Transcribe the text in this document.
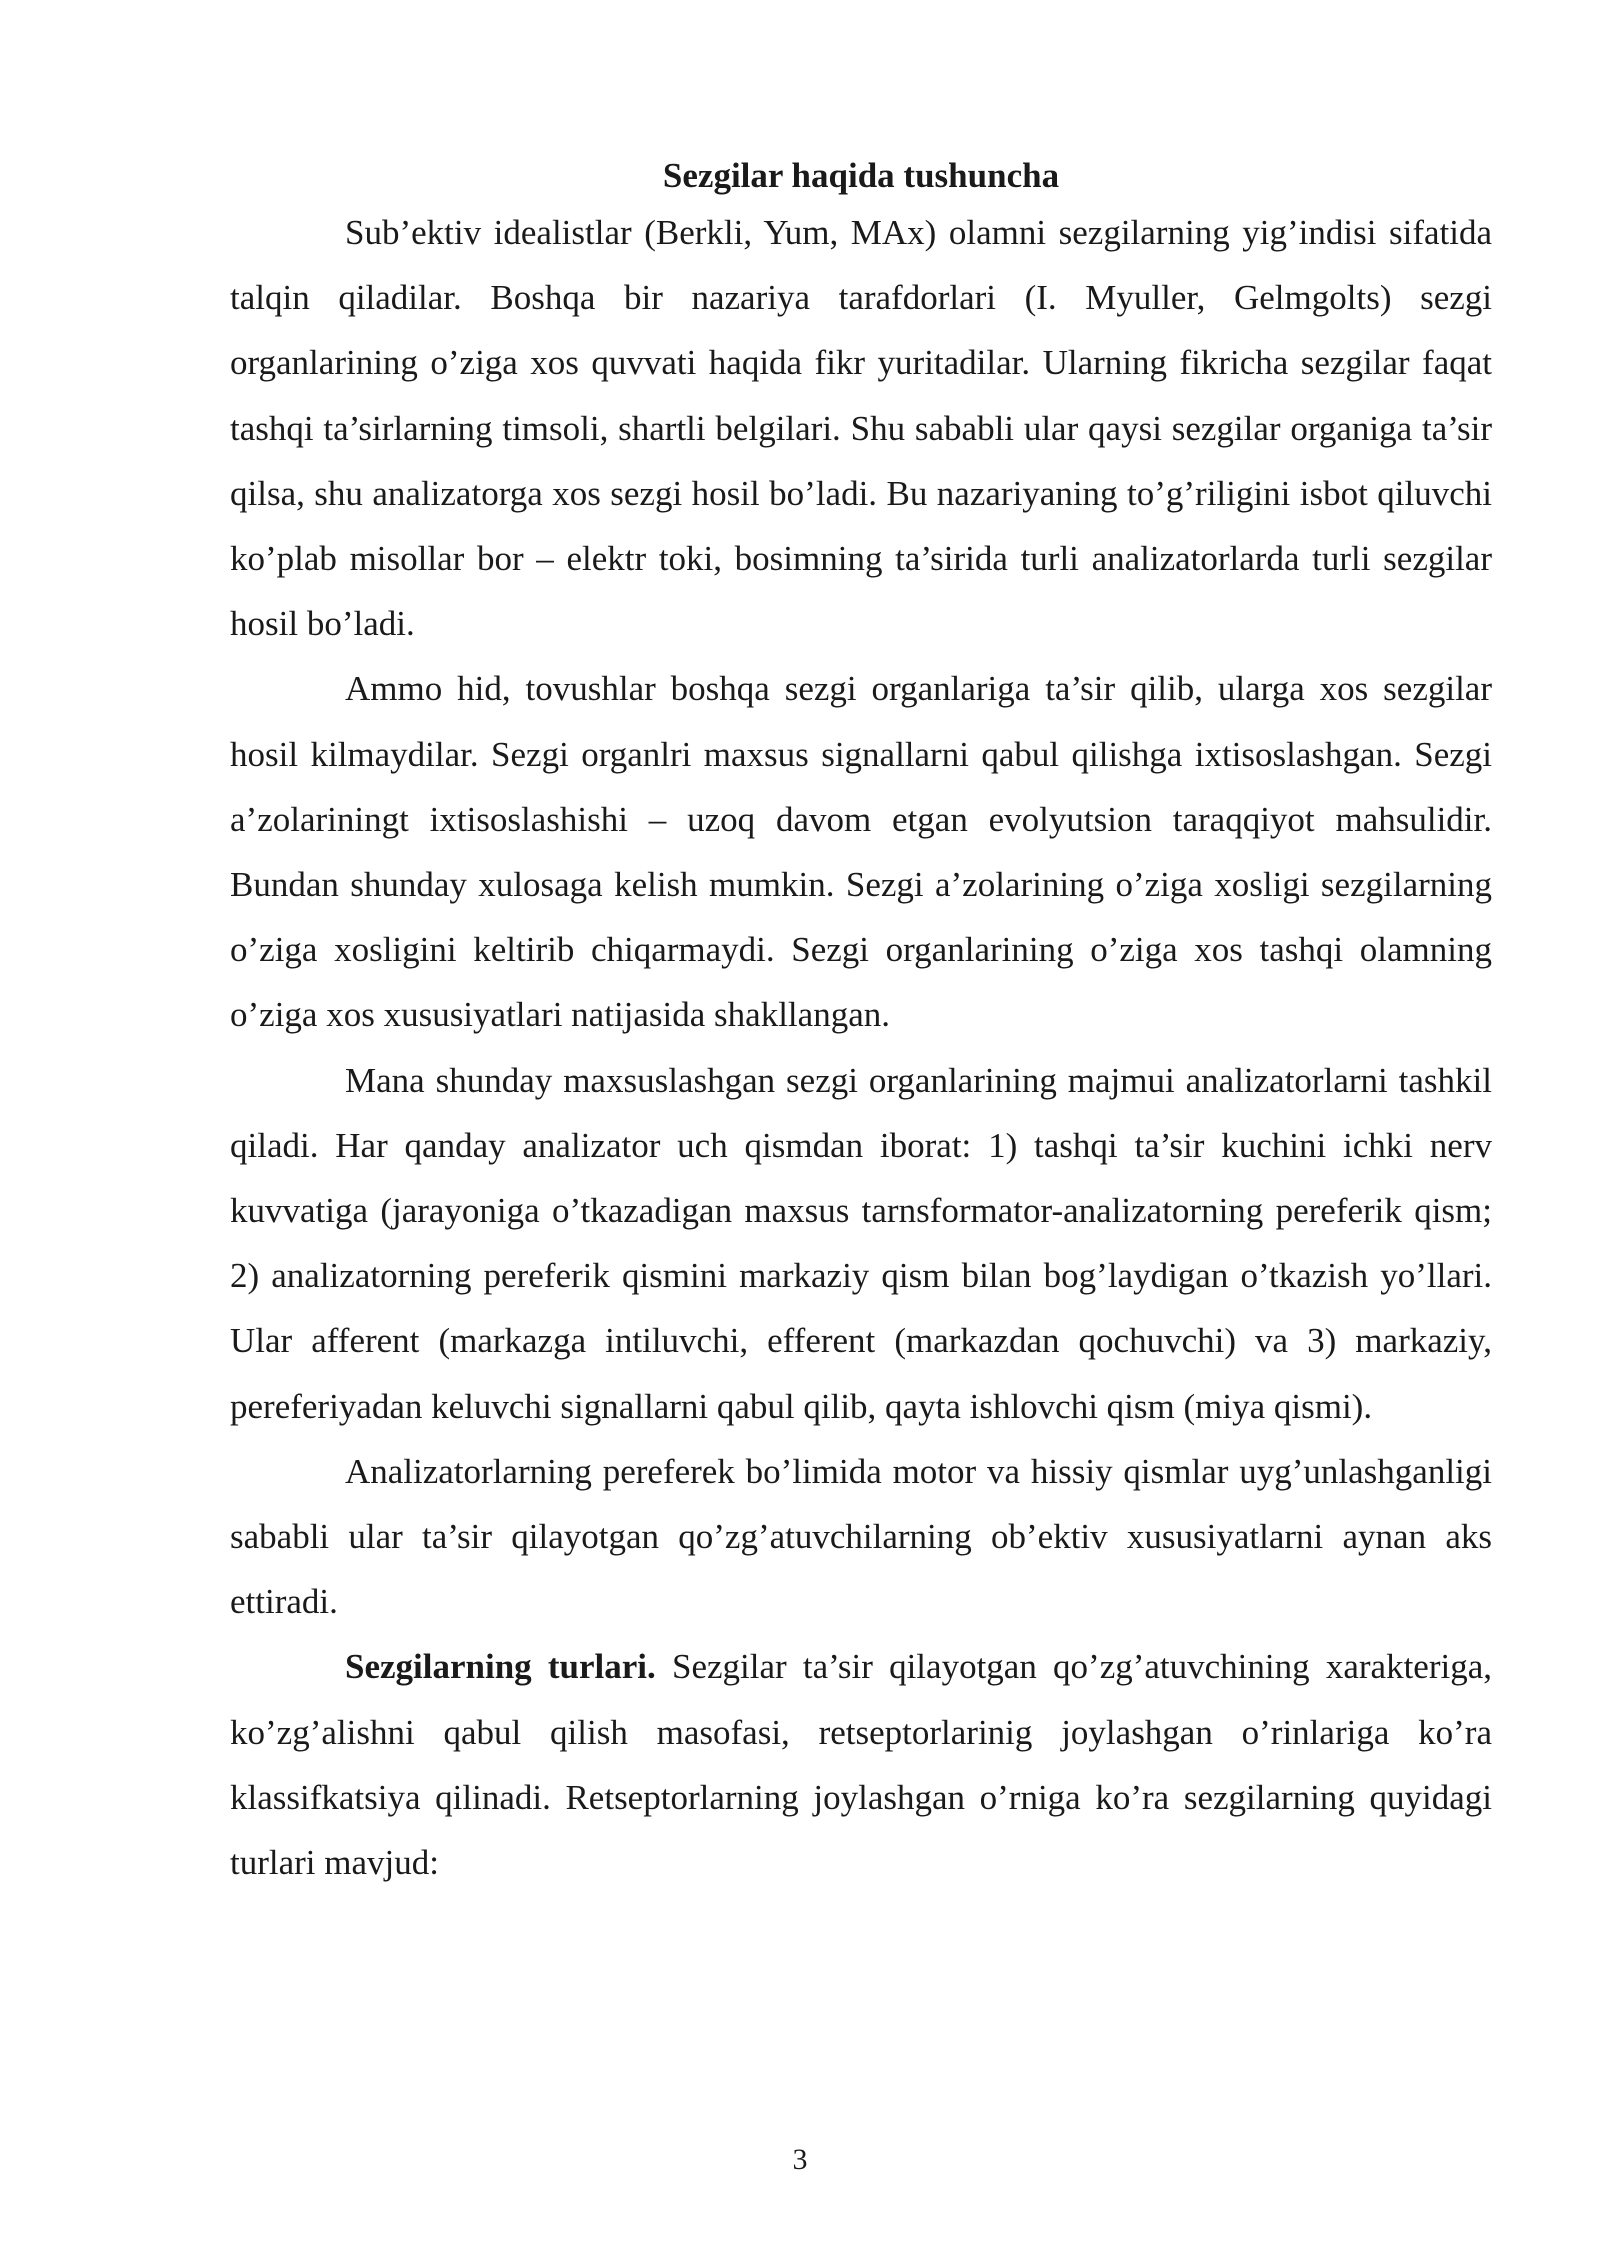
Sezgilar haqida tushuncha

Sub’ektiv idealistlar (Berkli, Yum, MAx) olamni sezgilarning yig’indisi sifatida talqin qiladilar. Boshqa bir nazariya tarafdorlari (I. Myuller, Gelmgolts) sezgi organlarining o’ziga xos quvvati haqida fikr yuritadilar. Ularning fikricha sezgilar faqat tashqi ta’sirlarning timsoli, shartli belgilari. Shu sababli ular qaysi sezgilar organiga ta’sir qilsa, shu analizatorga xos sezgi hosil bo’ladi. Bu nazariyaning to’g’riligini isbot qiluvchi ko’plab misollar bor – elektr toki, bosimning ta’sirida turli analizatorlarda turli sezgilar hosil bo’ladi.

Ammo hid, tovushlar boshqa sezgi organlariga ta’sir qilib, ularga xos sezgilar hosil kilmaydilar. Sezgi organlri maxsus signallarni qabul qilishga ixtisoslashgan. Sezgi a’zolariningt ixtisoslashishi – uzoq davom etgan evolyutsion taraqqiyot mahsulidir. Bundan shunday xulosaga kelish mumkin. Sezgi a’zolarining o’ziga xosligi sezgilarning o’ziga xosligini keltirib chiqarmaydi. Sezgi organlarining o’ziga xos tashqi olamning o’ziga xos xususiyatlari natijasida shakllangan.

Mana shunday maxsuslashgan sezgi organlarining majmui analizatorlarni tashkil qiladi. Har qanday analizator uch qismdan iborat: 1) tashqi ta’sir kuchini ichki nerv kuvvatiga (jarayoniga o’tkazadigan maxsus tarnsformator-analizatorning pereferik qism; 2) analizatorning pereferik qismini markaziy qism bilan bog’laydigan o’tkazish yo’llari. Ular afferent (markazga intiluvchi, efferent (markazdan qochuvchi) va 3) markaziy, pereferiyadan keluvchi signallarni qabul qilib, qayta ishlovchi qism (miya qismi).

Analizatorlarning pereferek bo’limida motor va hissiy qismlar uyg’unlashganligi sababli ular ta’sir qilayotgan qo’zg’atuvchilarning ob’ektiv xususiyatlarni aynan aks ettiradi.

Sezgilarning turlari. Sezgilar ta’sir qilayotgan qo’zg’atuvchining xarakteriga, ko’zg’alishni qabul qilish masofasi, retseptorlarinig joylashgan o’rinlariga ko’ra klassifkatsiya qilinadi. Retseptorlarning joylashgan o’rniga ko’ra sezgilarning quyidagi turlari mavjud:

3
